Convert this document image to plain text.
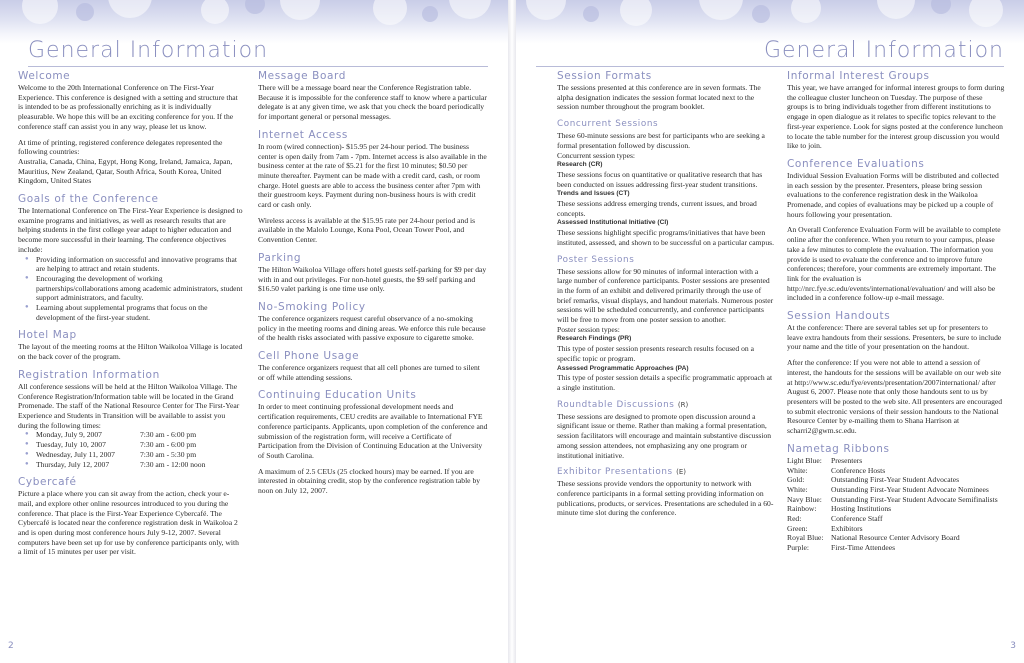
General Information
Welcome

Welcome to the 20th International Conference on The First-Year Experience. This conference is designed with a setting and structure that is intended to be as professionally enriching as it is individually pleasurable. We hope this will be an exciting conference for you. If the conference staff can assist you in any way, please let us know.

At time of printing, registered conference delegates represented the following countries:

Australia, Canada, China, Egypt, Hong Kong, Ireland, Jamaica, Japan, Mauritius, New Zealand, Qatar, South Africa, South Korea, United Kingdom, United States

Goals of the Conference

The International Conference on The First-Year Experience is designed to examine programs and initiatives, as well as research results that are helping students in the first college year adapt to higher education and become more successful in their learning. The conference objectives include:

● Providing information on successful and innovative programs that are helping to attract and retain students.
● Encouraging the development of working partnerships/collaborations among academic administrators, student support administrators, and faculty.
● Learning about supplemental programs that focus on the development of the first-year student.
Hotel Map

The layout of the meeting rooms at the Hilton Waikoloa Village is located on the back cover of the program.

Registration Information

All conference sessions will be held at the Hilton Waikoloa Village. The Conference Registration/Information table will be located in the Grand Promenade. The staff of the National Resource Center for The First-Year Experience and Students in Transition will be available to assist you during the following times:

● Monday, July 9, 2007	7:30 am - 6:00 pm
● Tuesday, July 10, 2007	7:30 am - 6:00 pm
● Wednesday, July 11, 2007	7:30 am - 5:30 pm
● Thursday, July 12, 2007	7:30 am - 12:00 noon
Cybercafé

Picture a place where you can sit away from the action, check your e-mail, and explore other online resources introduced to you during the conference. That place is the First-Year Experience Cybercafé. The Cybercafé is located near the conference registration desk in Waikoloa 2 and is open during most conference hours July 9-12, 2007. Several computers have been set up for use by conference participants only, with a limit of 15 minutes per user per visit.

Message Board

There will be a message board near the Conference Registration table. Because it is impossible for the conference staff to know where a particular delegate is at any given time, we ask that you check the board periodically for important general or personal messages.

Internet Access

In room (wired connection)- $15.95 per 24-hour period. The business center is open daily from 7am - 7pm. Internet access is also available in the business center at the rate of $5.21 for the first 10 minutes; $0.50 per minute thereafter. Payment can be made with a credit card, cash, or room charge. Hotel guests are able to access the business center after 7pm with their guestroom keys. Payment during non-business hours is with credit card or cash only.

Wireless access is available at the $15.95 rate per 24-hour period and is available in the Malolo Lounge, Kona Pool, Ocean Tower Pool, and Convention Center.

Parking

The Hilton Waikoloa Village offers hotel guests self-parking for $9 per day with in and out privileges. For non-hotel guests, the $9 self parking and $16.50 valet parking is one time use only.

No-Smoking Policy

The conference organizers request careful observance of a no-smoking policy in the meeting rooms and dining areas. We enforce this rule because of the health risks associated with passive exposure to cigarette smoke.

Cell Phone Usage

The conference organizers request that all cell phones are turned to silent or off while attending sessions.

Continuing Education Units

In order to meet continuing professional development needs and certification requirements, CEU credits are available to International FYE conference participants. Applicants, upon completion of the conference and submission of the registration form, will receive a Certificate of Participation from the Division of Continuing Education at the University of South Carolina.

A maximum of 2.5 CEUs (25 clocked hours) may be earned. If you are interested in obtaining credit, stop by the conference registration table by noon on July 12, 2007.

2
General Information
Session Formats

The sessions presented at this conference are in seven formats. The alpha designation indicates the session format located next to the session number throughout the program booklet.

Concurrent Sessions

These 60-minute sessions are best for participants who are seeking a formal presentation followed by discussion.

Concurrent session types:

Research (CR)

These sessions focus on quantitative or qualitative research that has been conducted on issues addressing first-year student transitions.

Trends and Issues (CT)

These sessions address emerging trends, current issues, and broad concepts.

Assessed Institutional Initiative (CI)

These sessions highlight specific programs/initiatives that have been instituted, assessed, and shown to be successful on a particular campus.

Poster Sessions

These sessions allow for 90 minutes of informal interaction with a large number of conference participants. Poster sessions are presented in the form of an exhibit and delivered primarily through the use of brief remarks, visual displays, and handout materials. Numerous poster sessions will be scheduled concurrently, and conference participants will be free to move from one poster session to another.

Poster session types:

Research Findings (PR)

This type of poster session presents research results focused on a specific topic or program.

Assessed Programmatic Approaches (PA)

This type of poster session details a specific programmatic approach at a single institution.

Roundtable Discussions (R)

These sessions are designed to promote open discussion around a significant issue or theme. Rather than making a formal presentation, session facilitators will encourage and maintain substantive discussion among session attendees, not emphasizing any one program or institutional initiative.

Exhibitor Presentations (E)

These sessions provide vendors the opportunity to network with conference participants in a formal setting providing information on publications, products, or services. Presentations are scheduled in a 60-minute time slot during the conference.

Informal Interest Groups

This year, we have arranged for informal interest groups to form during the colleague cluster luncheon on Tuesday. The purpose of these groups is to bring individuals together from different institutions to engage in open dialogue as it relates to specific topics relevant to the first-year experience. Look for signs posted at the conference luncheon to locate the table number for the interest group discussion you would like to join.

Conference Evaluations

Individual Session Evaluation Forms will be distributed and collected in each session by the presenter. Presenters, please bring session evaluations to the conference registration desk in the Waikoloa Promenade, and copies of evaluations may be picked up a couple of hours following your presentation.

An Overall Conference Evaluation Form will be available to complete online after the conference. When you return to your campus, please take a few minutes to complete the evaluation. The information you provide is used to evaluate the conference and to improve future conferences; therefore, your comments are extremely important. The link for the evaluation is http://nrc.fye.sc.edu/events/international/evaluation/ and will also be included in a conference follow-up e-mail message.

Session Handouts

At the conference: There are several tables set up for presenters to leave extra handouts from their sessions. Presenters, be sure to include your name and the title of your presentation on the handout.

After the conference: If you were not able to attend a session of interest, the handouts for the sessions will be available on our web site at http://www.sc.edu/fye/events/presentation/2007international/ after August 6, 2007. Please note that only those handouts sent to us by presenters will be posted to the web site. All presenters are encouraged to submit electronic versions of their session handouts to the National Resource Center by e-mailing them to Shana Harrison at scharri2@gwm.sc.edu.

Nametag Ribbons
Light Blue:	Presenters
White:	Conference Hosts
Gold:	Outstanding First-Year Student Advocates
White:	Outstanding First-Year Student Advocate Nominees
Navy Blue:	Outstanding First-Year Student Advocate Semifinalists
Rainbow:	Hosting Institutions
Red:	Conference Staff
Green:	Exhibitors
Royal Blue: National Resource Center Advisory Board
Purple:	First-Time Attendees
3
